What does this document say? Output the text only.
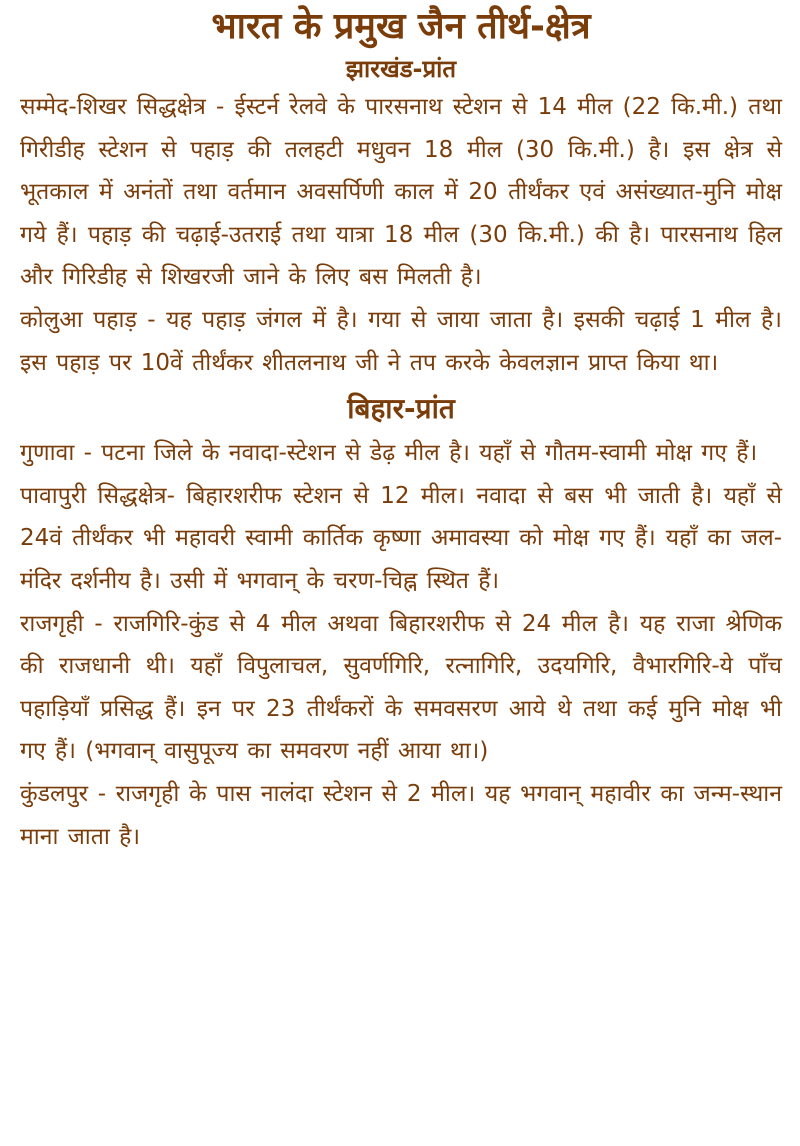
भारत के प्रमुख जैन तीर्थ-क्षेत्र
झारखंड-प्रांत

सम्मेद-शिखर सिद्धक्षेत्र - ईस्टर्न रेलवे के पारसनाथ स्टेशन से 14 मील (22 कि.मी.) तथा गिरीडीह स्टेशन से पहाड़ की तलहटी मधुवन 18 मील (30 कि.मी.) है। इस क्षेत्र से भूतकाल में अनंतों तथा वर्तमान अवसर्पिणी काल में 20 तीर्थंकर एवं असंख्यात-मुनि मोक्ष गये हैं। पहाड़ की चढ़ाई-उतराई तथा यात्रा 18 मील (30 कि.मी.) की है। पारसनाथ हिल और गिरिडीह से शिखरजी जाने के लिए बस मिलती है।

कोलुआ पहाड़ - यह पहाड़ जंगल में है। गया से जाया जाता है। इसकी चढ़ाई 1 मील है। इस पहाड़ पर 10वें तीर्थंकर शीतलनाथ जी ने तप करके केवलज्ञान प्राप्त किया था।

बिहार-प्रांत

गुणावा - पटना जिले के नवादा-स्टेशन से डेढ़ मील है। यहाँ से गौतम-स्वामी मोक्ष गए हैं।

पावापुरी सिद्धक्षेत्र- बिहारशरीफ स्टेशन से 12 मील। नवादा से बस भी जाती है। यहाँ से 24वं तीर्थंकर भी महावरी स्वामी कार्तिक कृष्णा अमावस्या को मोक्ष गए हैं। यहाँ का जल-मंदिर दर्शनीय है। उसी में भगवान् के चरण-चिह्न स्थित हैं।

राजगृही - राजगिरि-कुंड से 4 मील अथवा बिहारशरीफ से 24 मील है। यह राजा श्रेणिक की राजधानी थी। यहाँ विपुलाचल, सुवर्णगिरि, रत्नागिरि, उदयगिरि, वैभारगिरि-ये पाँच पहाड़ियाँ प्रसिद्ध हैं। इन पर 23 तीर्थंकरों के समवसरण आये थे तथा कई मुनि मोक्ष भी गए हैं। (भगवान् वासुपूज्य का समवरण नहीं आया था।)

कुंडलपुर - राजगृही के पास नालंदा स्टेशन से 2 मील। यह भगवान् महावीर का जन्म-स्थान माना जाता है।
